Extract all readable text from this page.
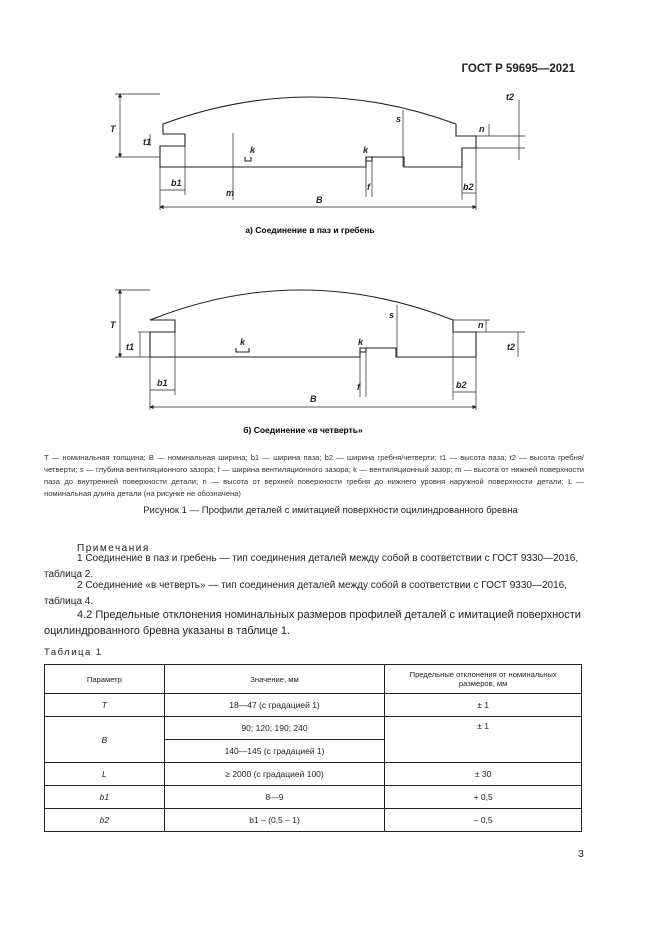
ГОСТ Р 59695—2021
T
t1
t2
n
s
k	k
b1
m
f	b2
B
а) Соединение в паз и гребень
T
t1	t2
n
s
k	k
b1	f	b2
B
б) Соединение «в четверть»
T — номинальная толщина; B — номинальная ширина; b1 — ширина паза; b2 — ширина гребня/четверти; t1 — высота паза; t2 — высота гребня/четверти; s — глубина вентиляционного зазора; f — ширина вентиляционного зазора; k — вентиляционный зазор; m — высота от нижней поверхности паза до внутренней поверхности детали; n — высота от верхней поверхности гребня до нижнего уровня наружной поверхности детали; L — номинальная длина детали (на рисунке не обозначена)
Рисунок 1 — Профили деталей с имитацией поверхности оцилиндрованного бревна
Примечания
1 Соединение в паз и гребень — тип соединения деталей между собой в соответствии с ГОСТ 9330—2016, таблица 2.
2 Соединение «в четверть» — тип соединения деталей между собой в соответствии с ГОСТ 9330—2016, таблица 4.
4.2 Предельные отклонения номинальных размеров профилей деталей с имитацией поверхности оцилиндрованного бревна указаны в таблице 1.
Таблица 1
Параметр	Значение, мм	Предельные отклонения от номинальных размеров, мм
T	18—47 (с градацией 1)	± 1
B	90; 120; 190; 240	± 1
	140—145 (с градацией 1)	
L	≥ 2000 (с градацией 100)	± 30
b1	8—9	+ 0,5
b2	b1 – (0,5 – 1)	– 0,5
3
